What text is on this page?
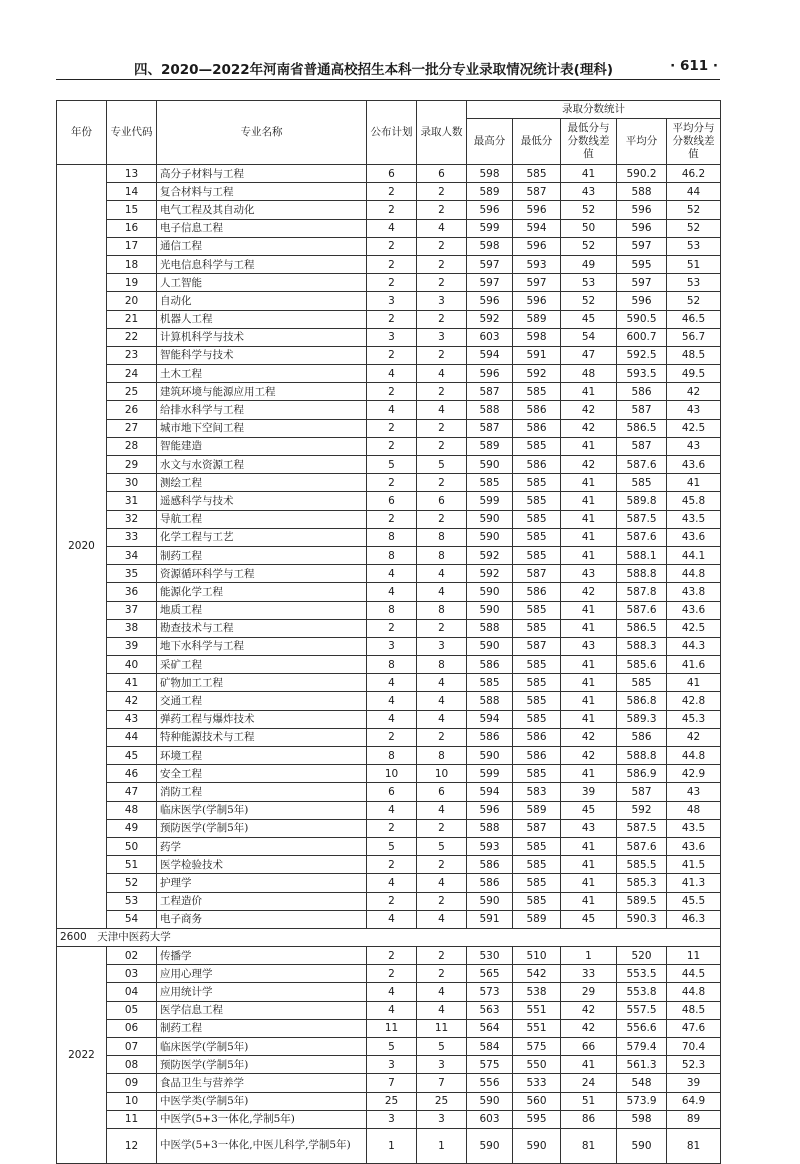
四、2020—2022年河南省普通高校招生本科一批分专业录取情况统计表(理科)	· 611 ·
年份	专业代码	专业名称	公布计划	录取人数	录取分数统计				
					最高分	最低分	最低分与分数线差值	平均分	平均分与分数线差值
2020	13	高分子材料与工程	6	6	598	585	41	590.2	46.2
	14	复合材料与工程	2	2	589	587	43	588	44
	15	电气工程及其自动化	2	2	596	596	52	596	52
	16	电子信息工程	4	4	599	594	50	596	52
	17	通信工程	2	2	598	596	52	597	53
	18	光电信息科学与工程	2	2	597	593	49	595	51
	19	人工智能	2	2	597	597	53	597	53
	20	自动化	3	3	596	596	52	596	52
	21	机器人工程	2	2	592	589	45	590.5	46.5
	22	计算机科学与技术	3	3	603	598	54	600.7	56.7
	23	智能科学与技术	2	2	594	591	47	592.5	48.5
	24	土木工程	4	4	596	592	48	593.5	49.5
	25	建筑环境与能源应用工程	2	2	587	585	41	586	42
	26	给排水科学与工程	4	4	588	586	42	587	43
	27	城市地下空间工程	2	2	587	586	42	586.5	42.5
	28	智能建造	2	2	589	585	41	587	43
	29	水文与水资源工程	5	5	590	586	42	587.6	43.6
	30	测绘工程	2	2	585	585	41	585	41
	31	遥感科学与技术	6	6	599	585	41	589.8	45.8
	32	导航工程	2	2	590	585	41	587.5	43.5
	33	化学工程与工艺	8	8	590	585	41	587.6	43.6
	34	制药工程	8	8	592	585	41	588.1	44.1
	35	资源循环科学与工程	4	4	592	587	43	588.8	44.8
	36	能源化学工程	4	4	590	586	42	587.8	43.8
	37	地质工程	8	8	590	585	41	587.6	43.6
	38	勘查技术与工程	2	2	588	585	41	586.5	42.5
	39	地下水科学与工程	3	3	590	587	43	588.3	44.3
	40	采矿工程	8	8	586	585	41	585.6	41.6
	41	矿物加工工程	4	4	585	585	41	585	41
	42	交通工程	4	4	588	585	41	586.8	42.8
	43	弹药工程与爆炸技术	4	4	594	585	41	589.3	45.3
	44	特种能源技术与工程	2	2	586	586	42	586	42
	45	环境工程	8	8	590	586	42	588.8	44.8
	46	安全工程	10	10	599	585	41	586.9	42.9
	47	消防工程	6	6	594	583	39	587	43
	48	临床医学(学制5年)	4	4	596	589	45	592	48
	49	预防医学(学制5年)	2	2	588	587	43	587.5	43.5
	50	药学	5	5	593	585	41	587.6	43.6
	51	医学检验技术	2	2	586	585	41	585.5	41.5
	52	护理学	4	4	586	585	41	585.3	41.3
	53	工程造价	2	2	590	585	41	589.5	45.5
	54	电子商务	4	4	591	589	45	590.3	46.3
2600　天津中医药大学									
2022	02	传播学	2	2	530	510	1	520	11
	03	应用心理学	2	2	565	542	33	553.5	44.5
	04	应用统计学	4	4	573	538	29	553.8	44.8
	05	医学信息工程	4	4	563	551	42	557.5	48.5
	06	制药工程	11	11	564	551	42	556.6	47.6
	07	临床医学(学制5年)	5	5	584	575	66	579.4	70.4
	08	预防医学(学制5年)	3	3	575	550	41	561.3	52.3
	09	食品卫生与营养学	7	7	556	533	24	548	39
	10	中医学类(学制5年)	25	25	590	560	51	573.9	64.9
	11	中医学(5+3一体化,学制5年)	3	3	603	595	86	598	89
	12	中医学(5+3一体化,中医儿科学,学制5年)	1	1	590	590	81	590	81
